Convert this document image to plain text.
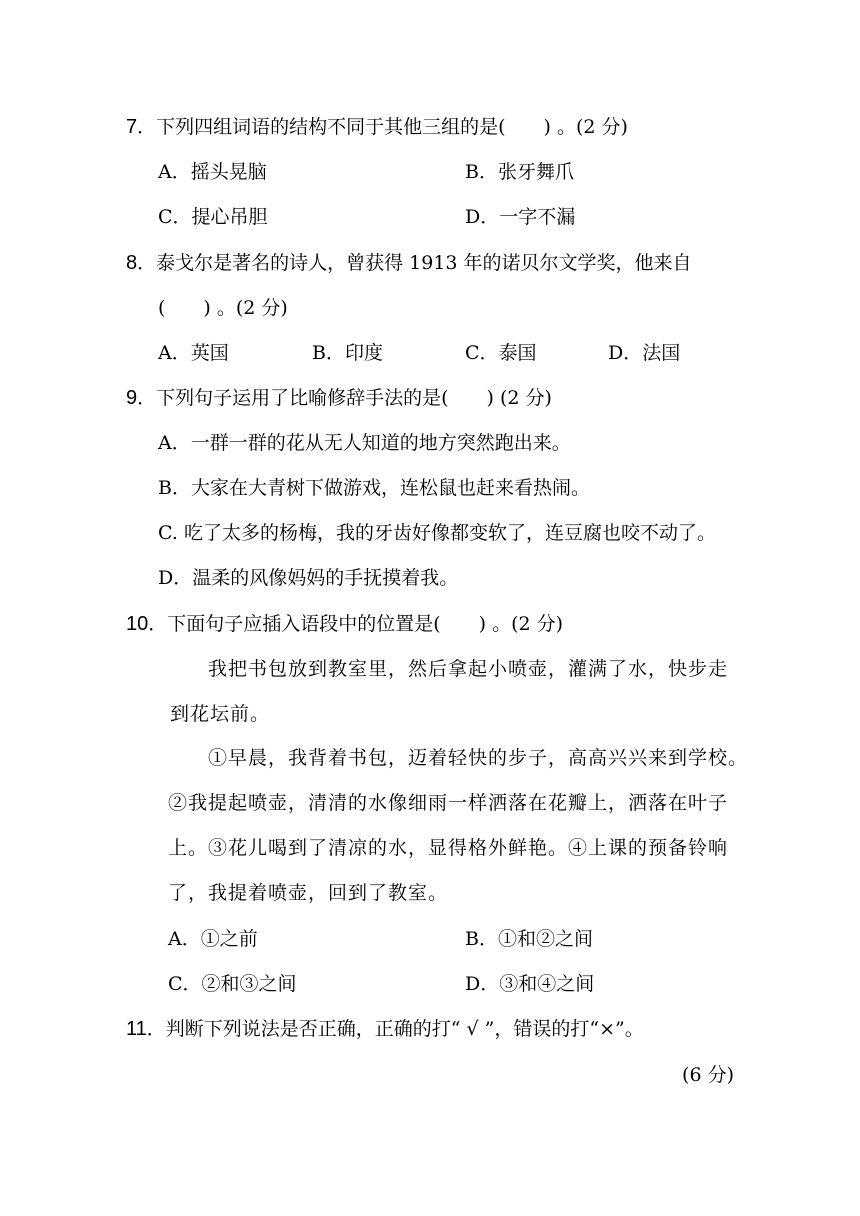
7．下列四组词语的结构不同于其他三组的是(　　) 。(2 分)
A．摇头晃脑	B．张牙舞爪
C．提心吊胆	D．一字不漏
8．泰戈尔是著名的诗人，曾获得 1913 年的诺贝尔文学奖，他来自
(　　) 。(2 分)
A．英国	B．印度	C．泰国	D．法国
9．下列句子运用了比喻修辞手法的是(　　) (2 分)
A．一群一群的花从无人知道的地方突然跑出来。
B．大家在大青树下做游戏，连松鼠也赶来看热闹。
C. 吃了太多的杨梅，我的牙齿好像都变软了，连豆腐也咬不动了。
D．温柔的风像妈妈的手抚摸着我。
10．下面句子应插入语段中的位置是(　　) 。(2 分)
我把书包放到教室里，然后拿起小喷壶，灌满了水，快步走
到花坛前。
①早晨，我背着书包，迈着轻快的步子，高高兴兴来到学校。
②我提起喷壶，清清的水像细雨一样洒落在花瓣上，洒落在叶子
上。③花儿喝到了清凉的水，显得格外鲜艳。④上课的预备铃响
了，我提着喷壶，回到了教室。
A．①之前	B．①和②之间
C．②和③之间	D．③和④之间
11．判断下列说法是否正确，正确的打“ √ ”，错误的打“×”。
(6 分)
